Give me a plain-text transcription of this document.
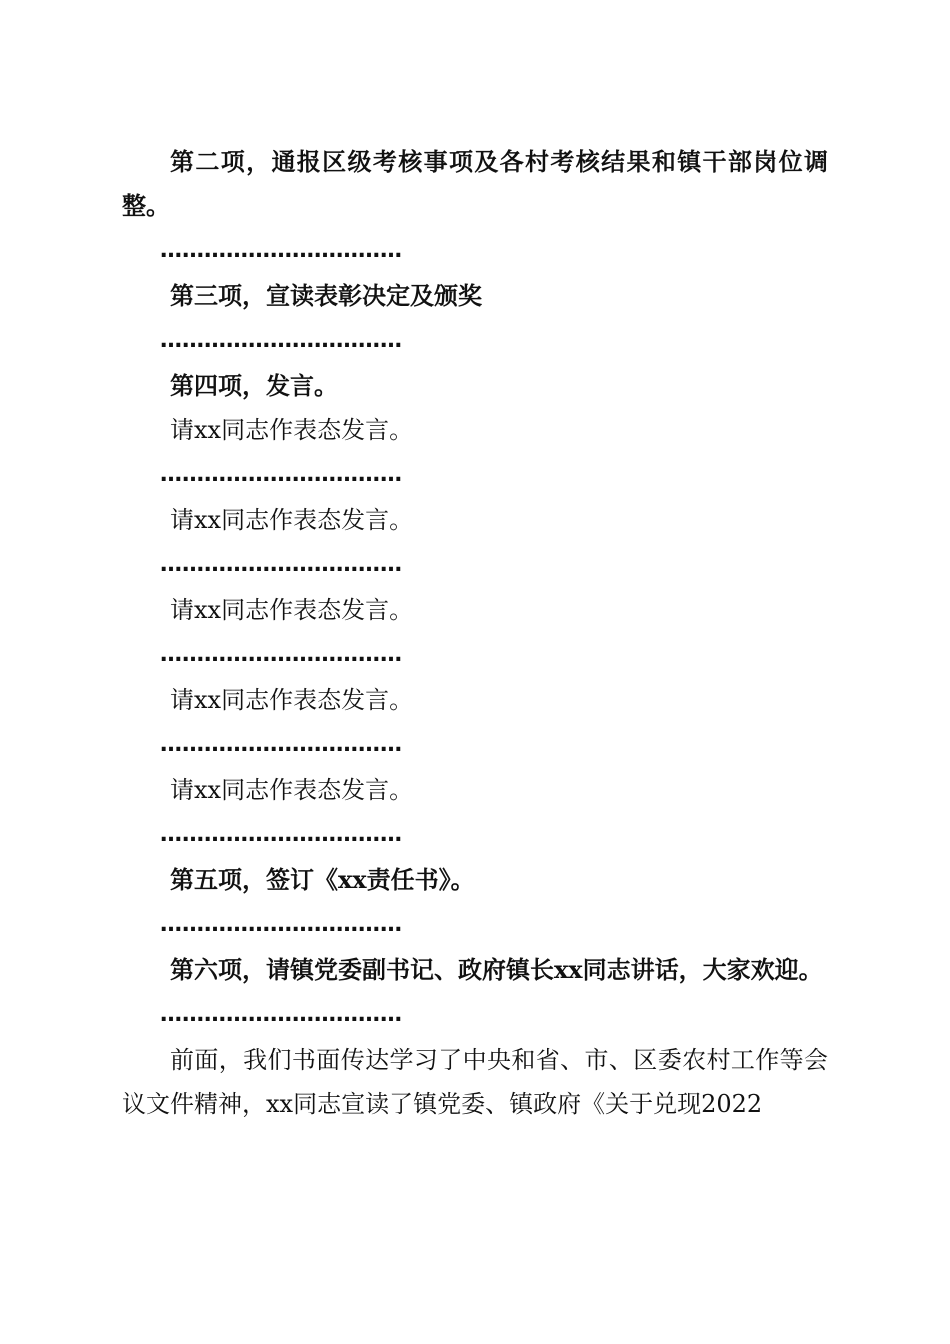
第二项，通报区级考核事项及各村考核结果和镇干部岗位调整。

……………………………

第三项，宣读表彰决定及颁奖

……………………………

第四项，发言。

请xx同志作表态发言。

……………………………

请xx同志作表态发言。

……………………………

请xx同志作表态发言。

……………………………

请xx同志作表态发言。

……………………………

请xx同志作表态发言。

……………………………

第五项，签订《xx责任书》。

……………………………

第六项，请镇党委副书记、政府镇长xx同志讲话，大家欢迎。

……………………………

前面，我们书面传达学习了中央和省、市、区委农村工作等会议文件精神，xx同志宣读了镇党委、镇政府《关于兑现2022
